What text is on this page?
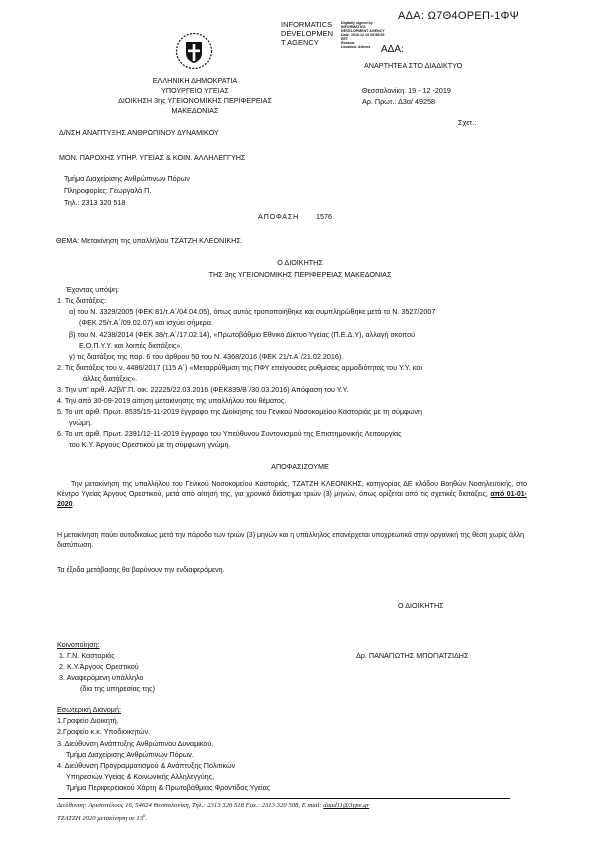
ΑΔΑ: Ω7Θ4ΟΡΕΠ-1ΦΨ
INFORMATICS
DEVELOPMEN
T AGENCY
Digitally signed by
INFORMATICS
DEVELOPMENT AGENCY
Date: 2019.12.19 09:58:05
EET
Reason:
Location: Athens ΑΔΑ:
ΑΝΑΡΤΗΤΕΑ ΣΤΟ ΔΙΑΔΙΚΤΥΟ
ΕΛΛΗΝΙΚΗ ΔΗΜΟΚΡΑΤΙΑ
ΥΠΟΥΡΓΕΙΟ ΥΓΕΙΑΣ
ΔΙΟΙΚΗΣΗ 3ης ΥΓΕΙΟΝΟΜΙΚΗΣ ΠΕΡΙΦΕΡΕΙΑΣ
ΜΑΚΕΔΟΝΙΑΣ
Θεσσαλονίκη: 19 - 12 -2019
Αρ. Πρωτ.: Δ3α/ 49258
Σχετ.:
Δ/ΝΣΗ ΑΝΑΠΤΥΞΗΣ ΑΝΘΡΩΠΙΝΟΥ ΔΥΝΑΜΙΚΟΥ
ΜΟΝ. ΠΑΡΟΧΗΣ ΥΠΗΡ. ΥΓΕΙΑΣ & ΚΟΙΝ. ΑΛΛΗΛΕΓΓΥΗΣ
Τμήμα Διαχείρισης Ανθρώπινων Πόρων
Πληροφορίες: Γεωργαλά Π.
Τηλ.: 2313 320 518
ΑΠΟΦΑΣΗ 1576
ΘΕΜΑ: Μετακίνηση της υπαλλήλου ΤΖΑΤΖΗ ΚΛΕΟΝΙΚΗΣ.
Ο ΔΙΟΙΚΗΤΗΣ
ΤΗΣ 3ης ΥΓΕΙΟΝΟΜΙΚΗΣ ΠΕΡΙΦΕΡΕΙΑΣ ΜΑΚΕΔΟΝΙΑΣ
Έχοντας υπόψη:
1. Τις διατάξεις:
α) του Ν. 3329/2005 (ΦΕΚ 81/τ.Α΄/04.04.05), όπως αυτός τροποποιήθηκε και συμπληρώθηκε μετά το Ν. 3527/2007
(ΦΕΚ 25/τ.Α΄/09.02.07) και ισχύει σήμερα.
β) του Ν. 4238/2014 (ΦΕΚ 38/τ.Α΄/17.02.14), «Πρωτοβάθμιο Εθνικό Δίκτυο Υγείας (Π.Ε.Δ.Υ), αλλαγή σκοπού
Ε.Ο.Π.Υ.Υ. και λοιπές διατάξεις».
γ) τις διατάξεις της παρ. 6 του άρθρου 50 του Ν. 4368/2016 (ΦΕΚ 21/τ.Α΄/21.02.2016).
2. Τις διατάξεις του ν. 4486/2017 (115 Α΄) «Μεταρρύθμιση της ΠΦΥ επείγουσες ρυθμίσεις αρμοδιότητας του Υ.Υ. και
άλλες διατάξεις».
3. Την υπ' αριθ. Α2β/Γ.Π. οικ. 22225/22.03.2016 (ΦΕΚ839/Β΄/30.03.2016) Απόφαση του Υ.Υ.
4. Την από 30-09-2019 αίτηση μετακίνησης της υπαλλήλου του θέματος.
5. Το υπ αριθ. Πρωτ. 8535/15-11-2019 έγγραφο της Διοίκησης του Γενικού Νοσοκομείου Καστοριάς με τη σύμφωνη
γνώμη.
6. Το υπ αριθ. Πρωτ. 2391/12-11-2019 έγγραφο του Υπεύθυνου Συντονισμού της Επιστημονικής Λειτουργίας
του Κ.Υ. Άργους Ορεστικού με τη σύμφωνη γνώμη.
ΑΠΟΦΑΣΙΖΟΥΜΕ
Την μετακίνηση της υπαλλήλου του Γενικού Νοσοκομείου Καστοριάς, ΤΖΑΤΖΗ ΚΛΕΟΝΙΚΗΣ, κατηγορίας ΔΕ κλάδου Βοηθών Νοσηλευτικής, στο Κέντρο Υγείας Άργους Ορεστικού, μετά από αίτησή της, για χρονικό διάστημα τριών (3) μηνών, όπως ορίζεται από τις σχετικές διατάξεις, από 01-01-2020.
Η μετακίνηση παύει αυτοδικαίως μετά την πάροδο των τριών (3) μηνών και η υπάλληλος επανέρχεται υποχρεωτικά στην οργανική της θέση χωρίς άλλη διατύπωση.
Τα έξοδα μετάβασης θα βαρύνουν την ενδιαφερόμενη.
Ο ΔΙΟΙΚΗΤΗΣ
Δρ. ΠΑΝΑΓΙΩΤΗΣ ΜΠΟΓΙΑΤΖΙΔΗΣ
Κοινοποίηση:
1. Γ.Ν. Καστοριάς
2. Κ.Υ.Άργους Ορεστικού
3. Αναφερόμενη υπάλληλο
(δια της υπηρεσίας της)
Εσωτερική Διανομή:
1.Γραφείο Διοικητή.
2.Γραφείο κ.κ. Υποδιοικητών.
3. Διεύθυνση Ανάπτυξης Ανθρώπινου Δυναμικού,
Τμήμα Διαχείρισης Ανθρώπινων Πόρων.
4. Διεύθυνση Προγραμματισμού & Ανάπτυξης Πολιτικών
Υπηρεσιών Υγείας & Κοινωνικής Αλληλεγγύης,
Τμήμα Περιφερειακού Χάρτη & Πρωτοβάθμιας Φροντίδας Υγείας
Διεύθυνση: Αριστοτέλους 16, 54624 Θεσσαλονίκη, Τηλ.: 2313 320 518 Fax.: 2313 320 508, E mail: daad11@3ype.gr
ΤΖΑΤΖΗ 2020 μετακίνηση σε $13^0$.
